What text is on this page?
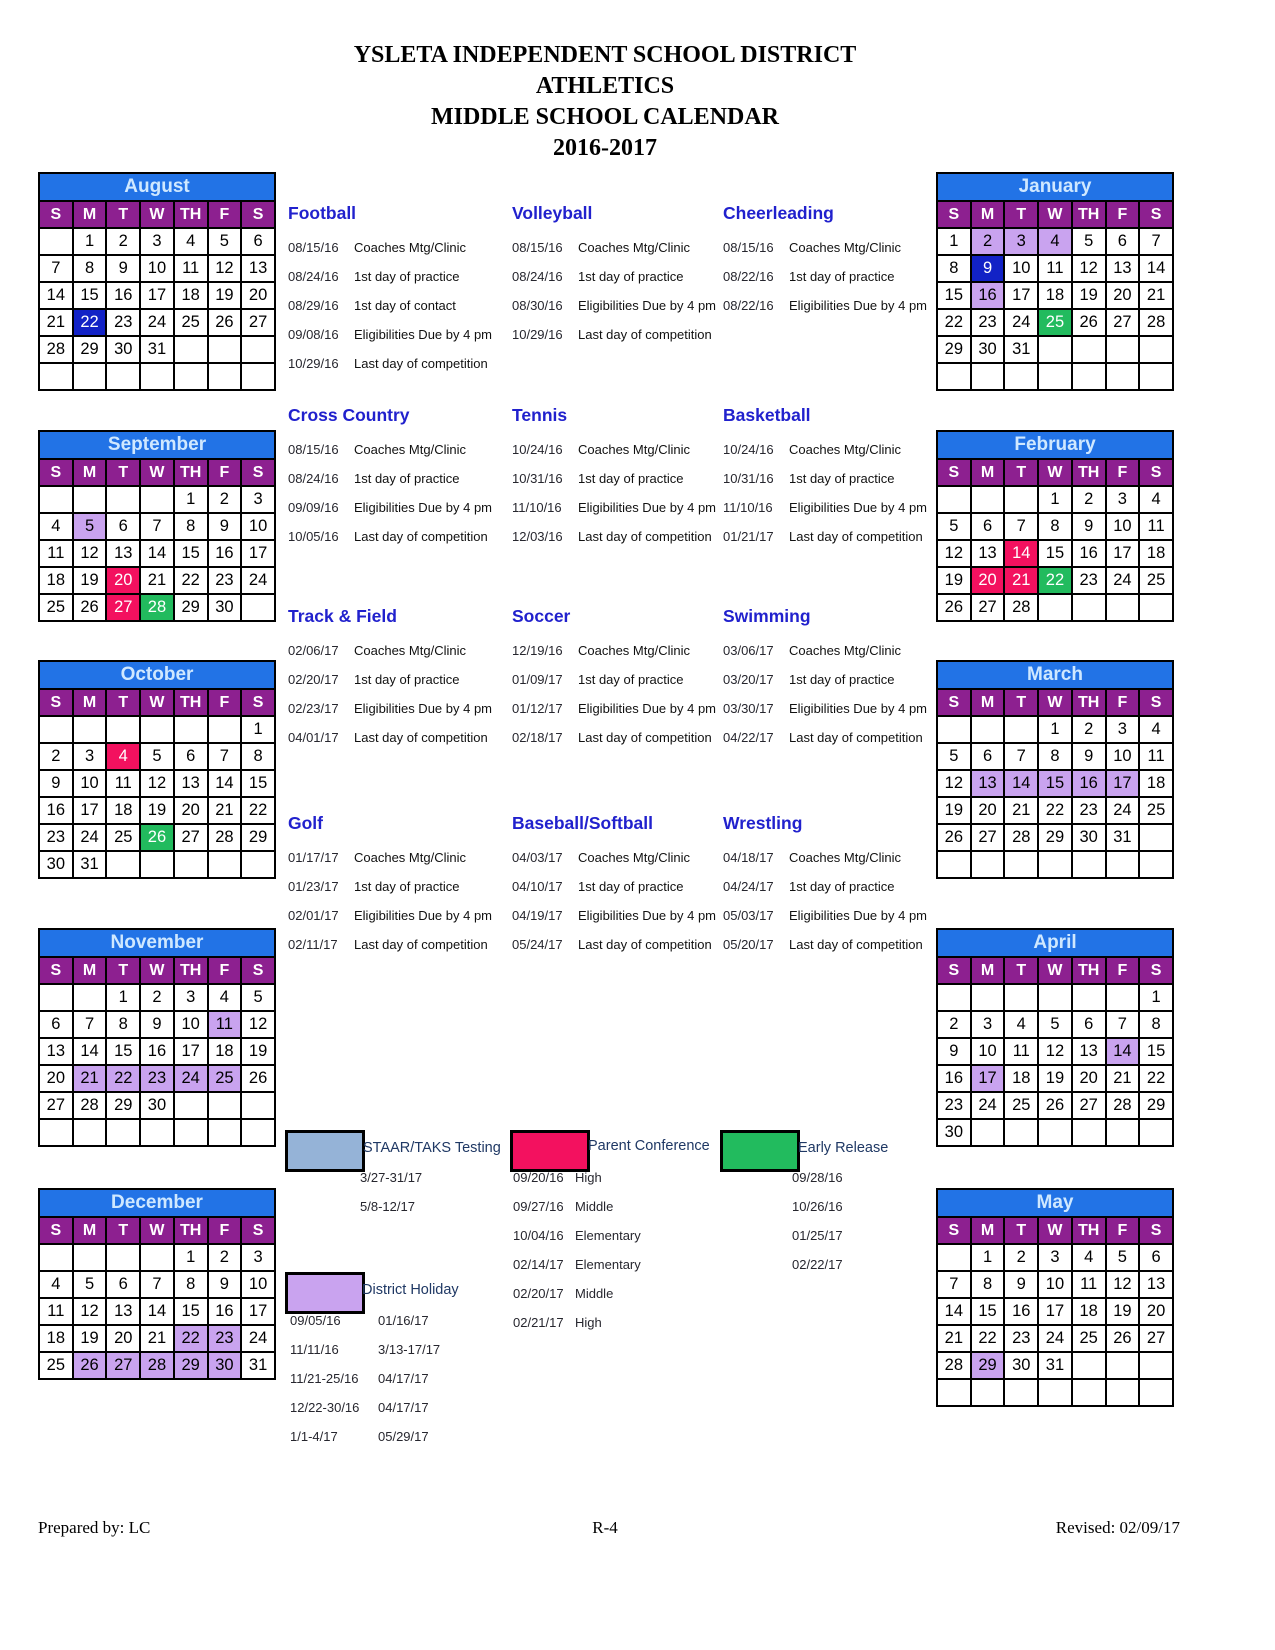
YSLETA INDEPENDENT SCHOOL DISTRICT
ATHLETICS
MIDDLE SCHOOL CALENDAR
2016-2017
August						
S	M	T	W	TH	F	S
	1	2	3	4	5	6
7	8	9	10	11	12	13
14	15	16	17	18	19	20
21	22	23	24	25	26	27
28	29	30	31			

September						
S	M	T	W	TH	F	S
				1	2	3
4	5	6	7	8	9	10
11	12	13	14	15	16	17
18	19	20	21	22	23	24
25	26	27	28	29	30	
October						
S	M	T	W	TH	F	S
						1
2	3	4	5	6	7	8
9	10	11	12	13	14	15
16	17	18	19	20	21	22
23	24	25	26	27	28	29
30	31					
November						
S	M	T	W	TH	F	S
		1	2	3	4	5
6	7	8	9	10	11	12
13	14	15	16	17	18	19
20	21	22	23	24	25	26
27	28	29	30			

December						
S	M	T	W	TH	F	S
				1	2	3
4	5	6	7	8	9	10
11	12	13	14	15	16	17
18	19	20	21	22	23	24
25	26	27	28	29	30	31
January						
S	M	T	W	TH	F	S
1	2	3	4	5	6	7
8	9	10	11	12	13	14
15	16	17	18	19	20	21
22	23	24	25	26	27	28
29	30	31				

February						
S	M	T	W	TH	F	S
			1	2	3	4
5	6	7	8	9	10	11
12	13	14	15	16	17	18
19	20	21	22	23	24	25
26	27	28				
March						
S	M	T	W	TH	F	S
			1	2	3	4
5	6	7	8	9	10	11
12	13	14	15	16	17	18
19	20	21	22	23	24	25
26	27	28	29	30	31	

April						
S	M	T	W	TH	F	S
						1
2	3	4	5	6	7	8
9	10	11	12	13	14	15
16	17	18	19	20	21	22
23	24	25	26	27	28	29
30						
May						
S	M	T	W	TH	F	S
	1	2	3	4	5	6
7	8	9	10	11	12	13
14	15	16	17	18	19	20
21	22	23	24	25	26	27
28	29	30	31			

Football
08/15/16	Coaches Mtg/Clinic
08/24/16	1st day of practice
08/29/16	1st day of contact
09/08/16	Eligibilities Due by 4 pm
10/29/16	Last day of competition
Volleyball
08/15/16	Coaches Mtg/Clinic
08/24/16	1st day of practice
08/30/16	Eligibilities Due by 4 pm
10/29/16	Last day of competition
Cheerleading
08/15/16	Coaches Mtg/Clinic
08/22/16	1st day of practice
08/22/16	Eligibilities Due by 4 pm
Cross Country
08/15/16	Coaches Mtg/Clinic
08/24/16	1st day of practice
09/09/16	Eligibilities Due by 4 pm
10/05/16	Last day of competition
Tennis
10/24/16	Coaches Mtg/Clinic
10/31/16	1st day of practice
11/10/16	Eligibilities Due by 4 pm
12/03/16	Last day of competition
Basketball
10/24/16	Coaches Mtg/Clinic
10/31/16	1st day of practice
11/10/16	Eligibilities Due by 4 pm
01/21/17	Last day of competition
Track & Field
02/06/17	Coaches Mtg/Clinic
02/20/17	1st day of practice
02/23/17	Eligibilities Due by 4 pm
04/01/17	Last day of competition
Soccer
12/19/16	Coaches Mtg/Clinic
01/09/17	1st day of practice
01/12/17	Eligibilities Due by 4 pm
02/18/17	Last day of competition
Swimming
03/06/17	Coaches Mtg/Clinic
03/20/17	1st day of practice
03/30/17	Eligibilities Due by 4 pm
04/22/17	Last day of competition
Golf
01/17/17	Coaches Mtg/Clinic
01/23/17	1st day of practice
02/01/17	Eligibilities Due by 4 pm
02/11/17	Last day of competition
Baseball/Softball
04/03/17	Coaches Mtg/Clinic
04/10/17	1st day of practice
04/19/17	Eligibilities Due by 4 pm
05/24/17	Last day of competition
Wrestling
04/18/17	Coaches Mtg/Clinic
04/24/17	1st day of practice
05/03/17	Eligibilities Due by 4 pm
05/20/17	Last day of competition
STAAR/TAKS Testing
3/27-31/17
5/8-12/17
Parent Conference
09/20/16 High
09/27/16 Middle
10/04/16 Elementary
02/14/17 Elementary
02/20/17 Middle
02/21/17 High
Early Release
09/28/16
10/26/16
01/25/17
02/22/17
District Holiday
09/05/16	01/16/17
11/11/16	3/13-17/17
11/21-25/16	04/17/17
12/22-30/16	04/17/17
1/1-4/17	05/29/17
Prepared by: LC	R-4	Revised: 02/09/17
